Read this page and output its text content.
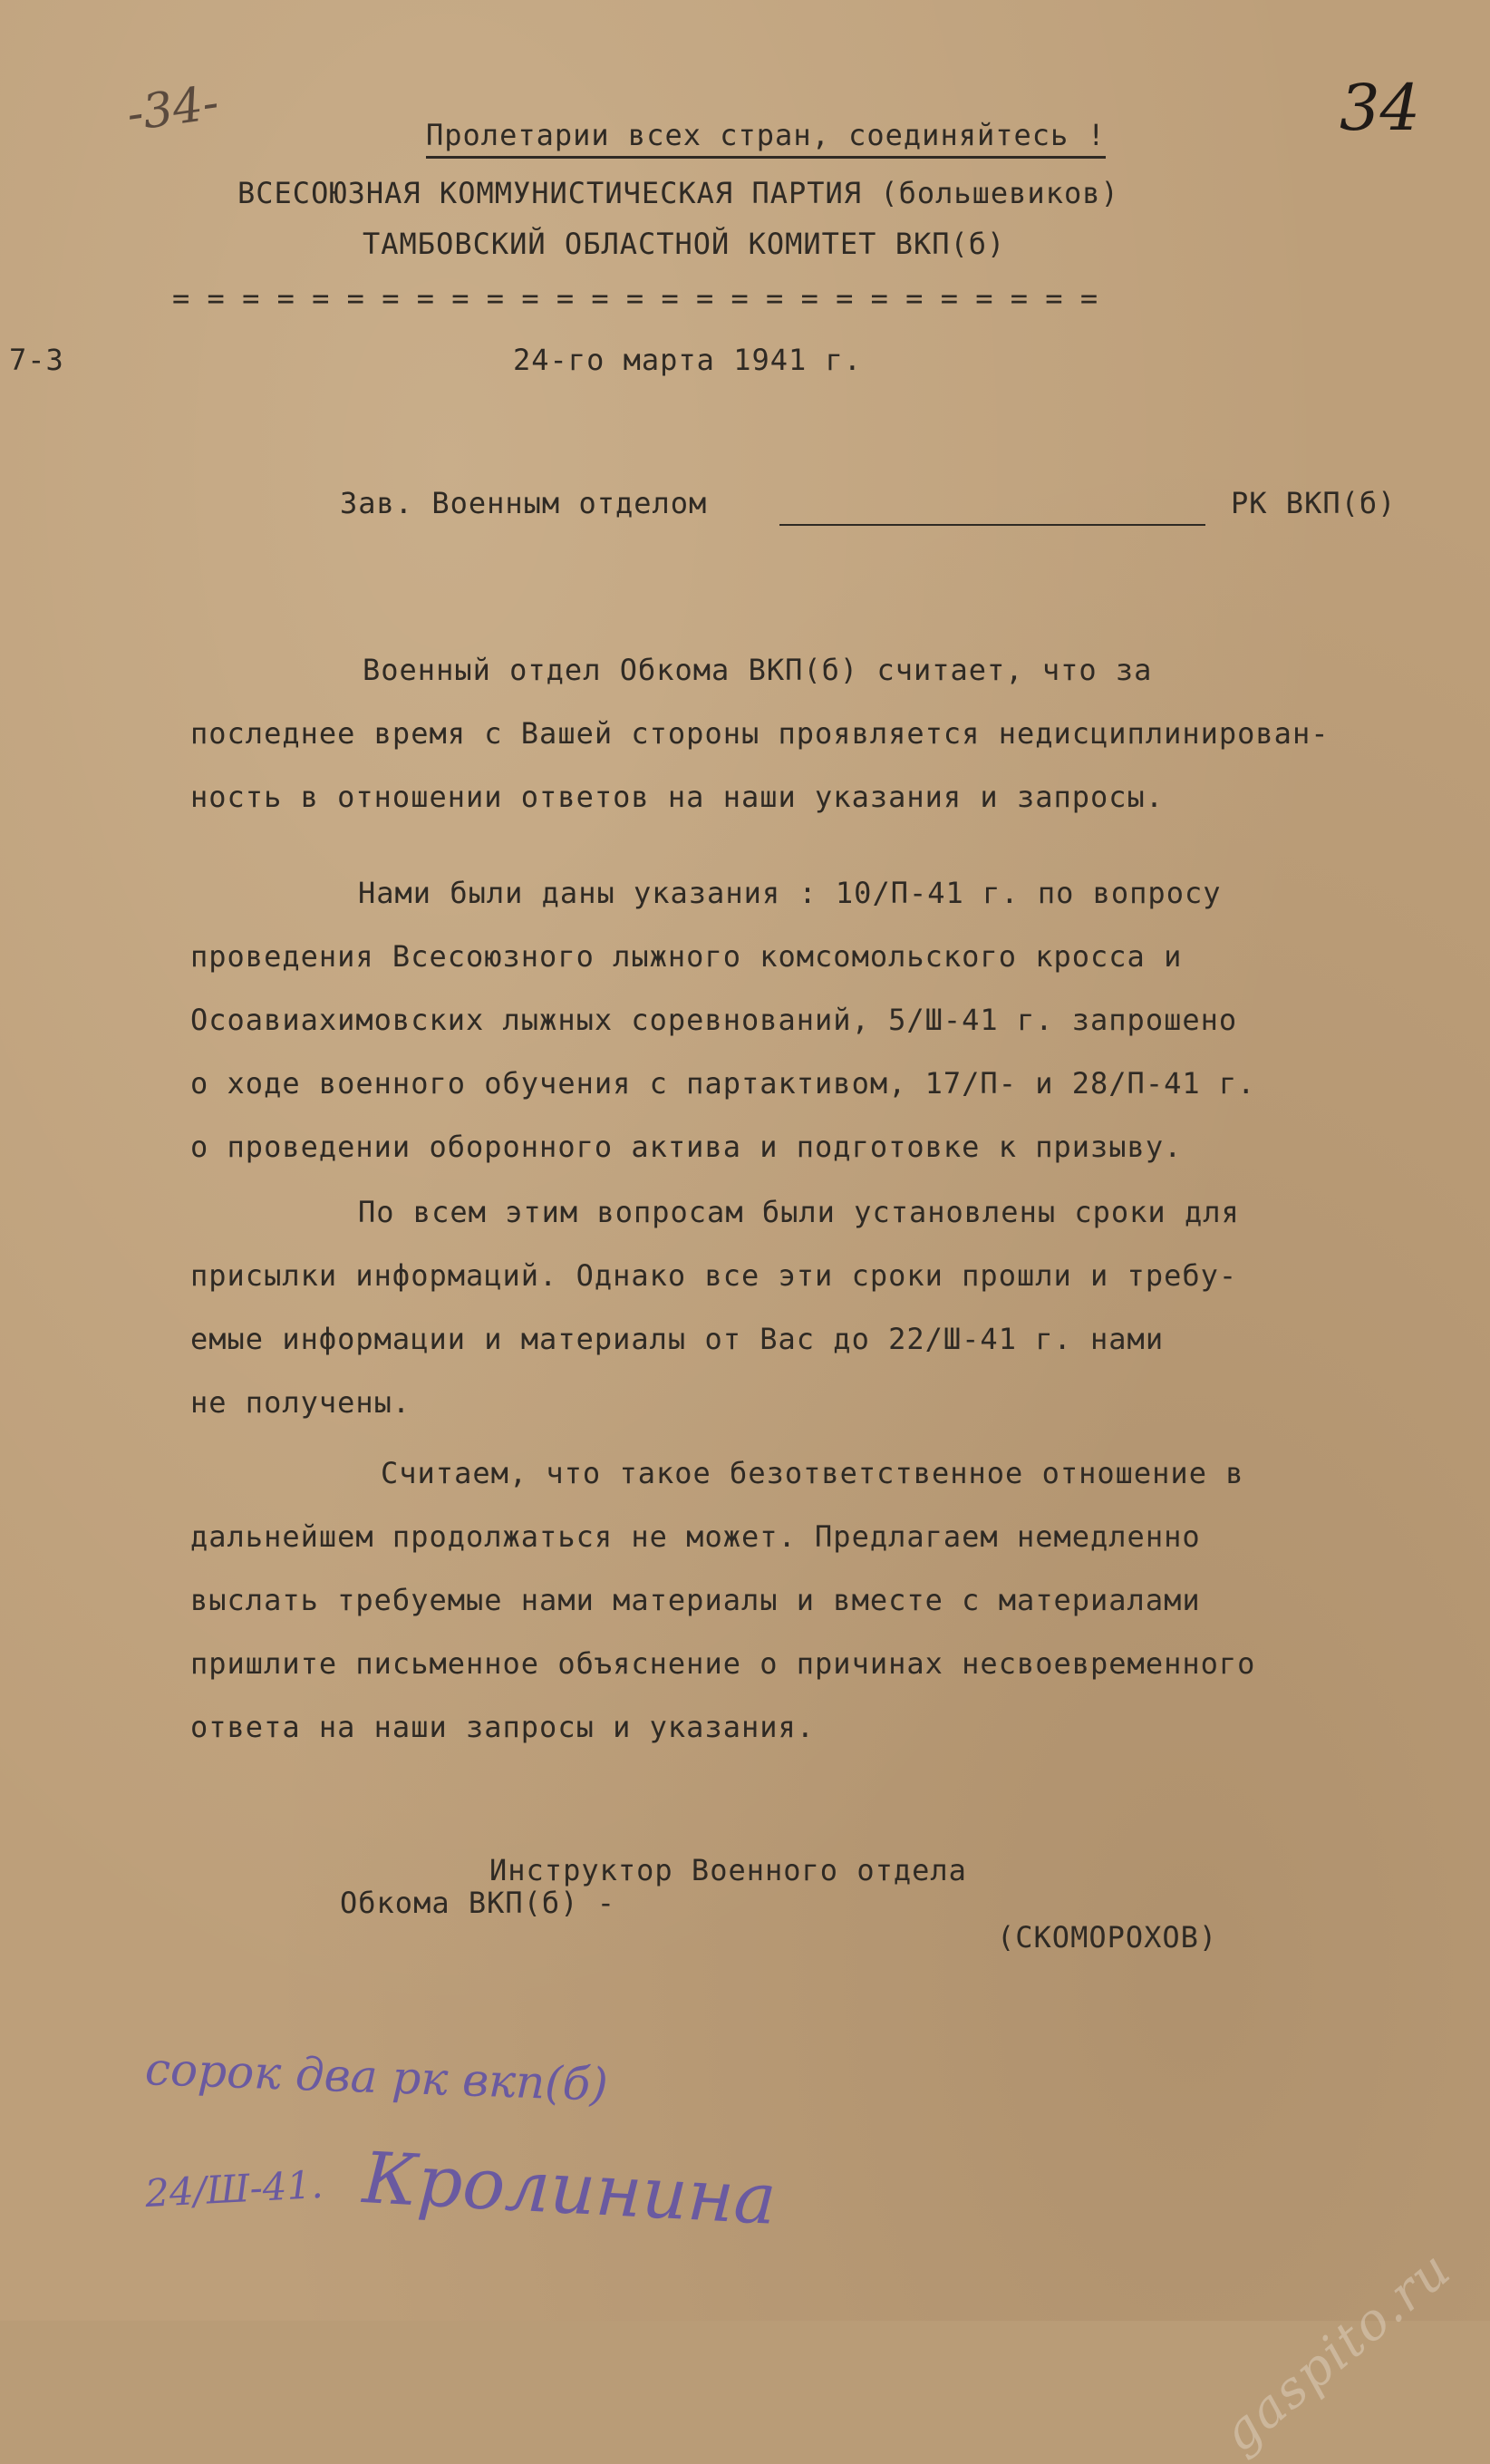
-34-	34
7-3
Пролетарии всех стран, соединяйтесь !
ВСЕСОЮЗНАЯ КОММУНИСТИЧЕСКАЯ ПАРТИЯ (большевиков)
ТАМБОВСКИЙ ОБЛАСТНОЙ КОМИТЕТ ВКП(б)
= = = = = = = = = = = = = = = = = = = = = = = = = = =
24-го марта 1941 г.
Зав. Военным отделом	РК ВКП(б)
Военный отдел Обкома ВКП(б) считает, что за
последнее время с Вашей стороны проявляется недисциплинирован-
ность в отношении ответов на наши указания и запросы.
Нами были даны указания : 10/П-41 г. по вопросу
проведения Всесоюзного лыжного комсомольского кросса и
Осоавиахимовских лыжных соревнований, 5/Ш-41 г. запрошено
о ходе военного обучения с партактивом, 17/П- и 28/П-41 г.
о проведении оборонного актива и подготовке к призыву.
По всем этим вопросам были установлены сроки для
присылки информаций. Однако все эти сроки прошли и требу-
емые информации и материалы от Вас до 22/Ш-41 г. нами
не получены.
Считаем, что такое безответственное отношение в
дальнейшем продолжаться не может. Предлагаем немедленно
выслать требуемые нами материалы и вместе с материалами
пришлите письменное объяснение о причинах несвоевременного
ответа на наши запросы и указания.
Инструктор Военного отдела
Обкома ВКП(б) -
(СКОМОРОХОВ)
сорок два рк вкп(б)
24/Ш-41. Кролинина
gaspito.ru
